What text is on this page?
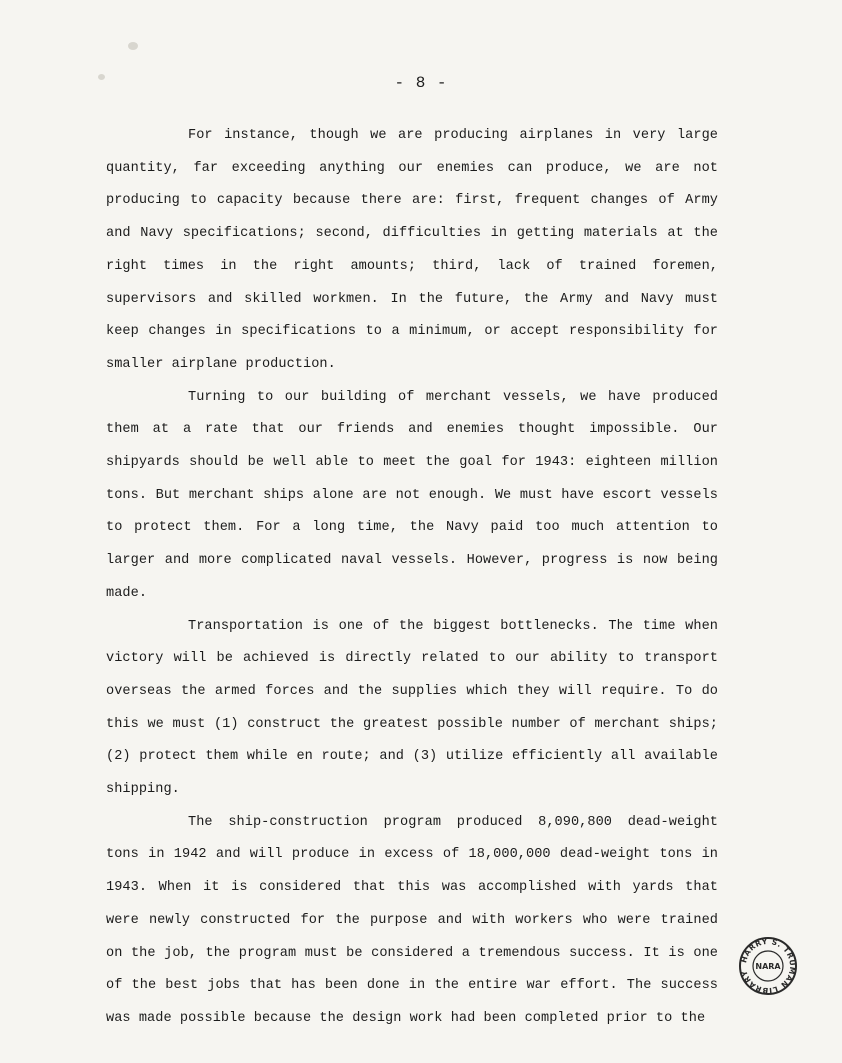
- 8 -

For instance, though we are producing airplanes in very large quantity, far exceeding anything our enemies can produce, we are not producing to capacity because there are: first, frequent changes of Army and Navy specifications; second, difficulties in getting materials at the right times in the right amounts; third, lack of trained foremen, supervisors and skilled workmen. In the future, the Army and Navy must keep changes in specifications to a minimum, or accept responsibility for smaller airplane production.

Turning to our building of merchant vessels, we have produced them at a rate that our friends and enemies thought impossible. Our shipyards should be well able to meet the goal for 1943: eighteen million tons. But merchant ships alone are not enough. We must have escort vessels to protect them. For a long time, the Navy paid too much attention to larger and more complicated naval vessels. However, progress is now being made.

Transportation is one of the biggest bottlenecks. The time when victory will be achieved is directly related to our ability to transport overseas the armed forces and the supplies which they will require. To do this we must (1) construct the greatest possible number of merchant ships; (2) protect them while en route; and (3) utilize efficiently all available shipping.

The ship-construction program produced 8,090,800 dead-weight tons in 1942 and will produce in excess of 18,000,000 dead-weight tons in 1943. When it is considered that this was accomplished with yards that were newly constructed for the purpose and with workers who were trained on the job, the program must be considered a tremendous success. It is one of the best jobs that has been done in the entire war effort. The success was made possible because the design work had been completed prior to the

HARRY S. TRUMAN LIBRARY
NARA
